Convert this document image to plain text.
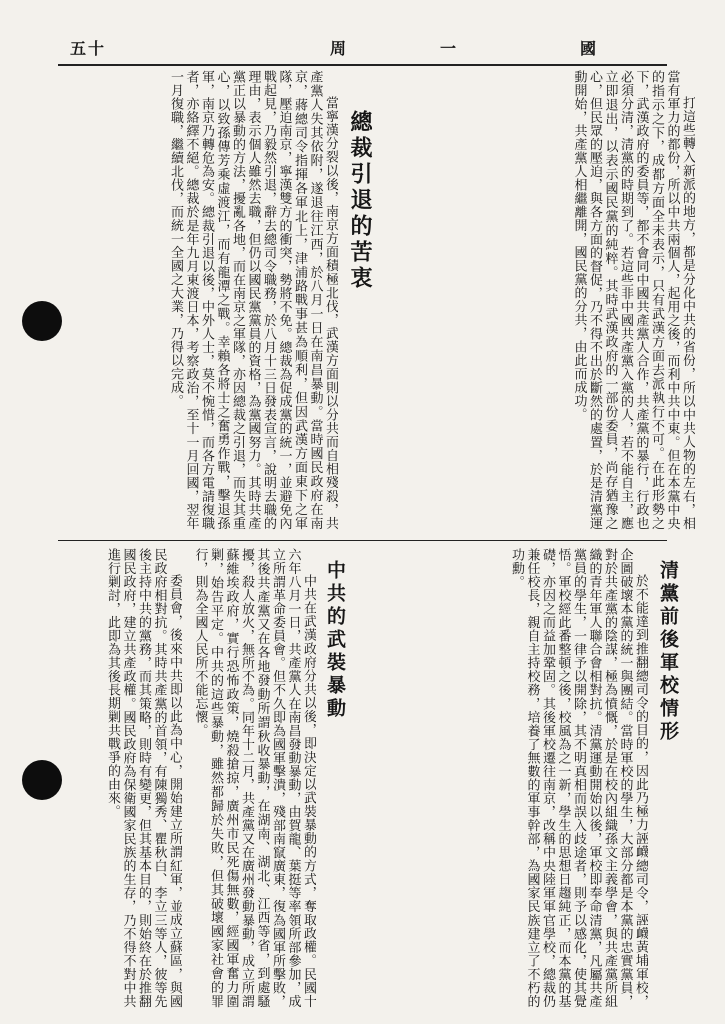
五十	周	一	國

打這些轉入新派的地方，都是分化中共的省份，所以中共人物的左右，相當有軍力的都份，所以中共兩個人，起用之後，而利中共中東。但在本黨中央的指示之下，成都方面全未表示，只有武漢方面去派執行不可。在此形勢之下，武漢政府的委員等，都不會同中國共產黨人合作，共產黨的暴行，行政也必須分清，清黨的時期到了。若這些非中國共產黨入黨的人，若不能自主，應立即退出，以表示國民黨的純粹。其時武漢政府的一部份委員，尚存猶豫之心，但民眾的壓迫，與各方面的督促，乃不得不出於斷然的處置，於是清黨運動開始，共產黨人相繼離開，國民黨的分共，由此而成功。

總裁引退的苦衷

當寧漢分裂以後，南京方面積極北伐，武漢方面則以分共而自相殘殺，共產黨人失其依附，遂退往江西，於八月一日在南昌暴動。當時國民政府在南京，蔣總司令指揮各軍北上，津浦路戰事甚為順利，但因武漢方面東下之軍隊，壓迫南京，寧漢雙方的衝突，勢將不免。總裁為促成黨的統一，並避免內戰起見，乃毅然引退，辭去總司令職務，於八月十三日發表宣言，說明去職的理由，表示個人雖然去職，但仍以國民黨黨員的資格，為黨國努力。其時共產黨正以暴動的方法，擾亂各地，而在南京之軍隊，亦因總裁之引退，而失其重心，以致孫傳芳乘虛渡江，而有龍潭之戰。幸賴各將士之奮勇作戰，擊退孫軍，南京乃轉危為安。總裁引退以後，中外人士，莫不惋惜，而各方電請復職者，亦絡繹不絕。總裁於是年九月東渡日本，考察政治，至十一月回國，翌年一月復職，繼續北伐，而統一全國之大業，乃得以完成。

清黨前後軍校情形

於不能達到推翻總司令的目的，因此乃極力誣衊總司令，誣衊黃埔軍校，企圖破壞本黨的統一與團結。當時軍校的學生，大部分都是本黨的忠實黨員，對於共產黨的陰謀，極為憤慨，於是在校內組織孫文主義學會，與共產黨所組織的青年軍人聯合會相對抗。清黨運動開始以後，軍校即奉命清黨，凡屬共產黨員的學生，一律予以開除，其不明真相而誤入歧途者，則予以感化，使其覺悟。軍校經此番整頓之後，校風為之一新，學生的思想日趨純正，而本黨的基礎，亦因之而益加鞏固。其後軍校遷往南京，改稱中央陸軍軍官學校，總裁仍兼任校長，親自主持校務，培養了無數的軍事幹部，為國家民族建立了不朽的功勳。

中共的武裝暴動

中共在武漢政府分共以後，即決定以武裝暴動的方式，奪取政權。民國十六年八月一日，共產黨人在南昌發動暴動，由賀龍、葉挺等率領所部參加，成立所謂革命委員會。但不久即為國軍擊潰，殘部南竄廣東，復為國軍所擊敗，其後共產黨又在各地發動所謂秋收暴動，在湖南、湖北、江西等省，到處騷擾，殺人放火，無所不為。同年十二月，共產黨又在廣州發動暴動，成立所謂蘇維埃政府，實行恐怖政策，燒殺搶掠，廣州市民死傷無數，經國軍奮力圍剿，始告平定。中共的這些暴動，雖然都歸於失敗，但其破壞國家社會的罪行，則為全國人民所不能忘懷。

委員會，後來中共即以此為中心，開始建立所謂紅軍，並成立蘇區，與國民政府相對抗。其時共產黨的首領，有陳獨秀、瞿秋白、李立三等人，彼等先後主持中共的黨務，而其策略，則時有變更，但其基本目的，則始終在於推翻國民政府，建立共產政權。國民政府為保衛國家民族的生存，乃不得不對中共進行剿討，此即為其後長期剿共戰爭的由來。
